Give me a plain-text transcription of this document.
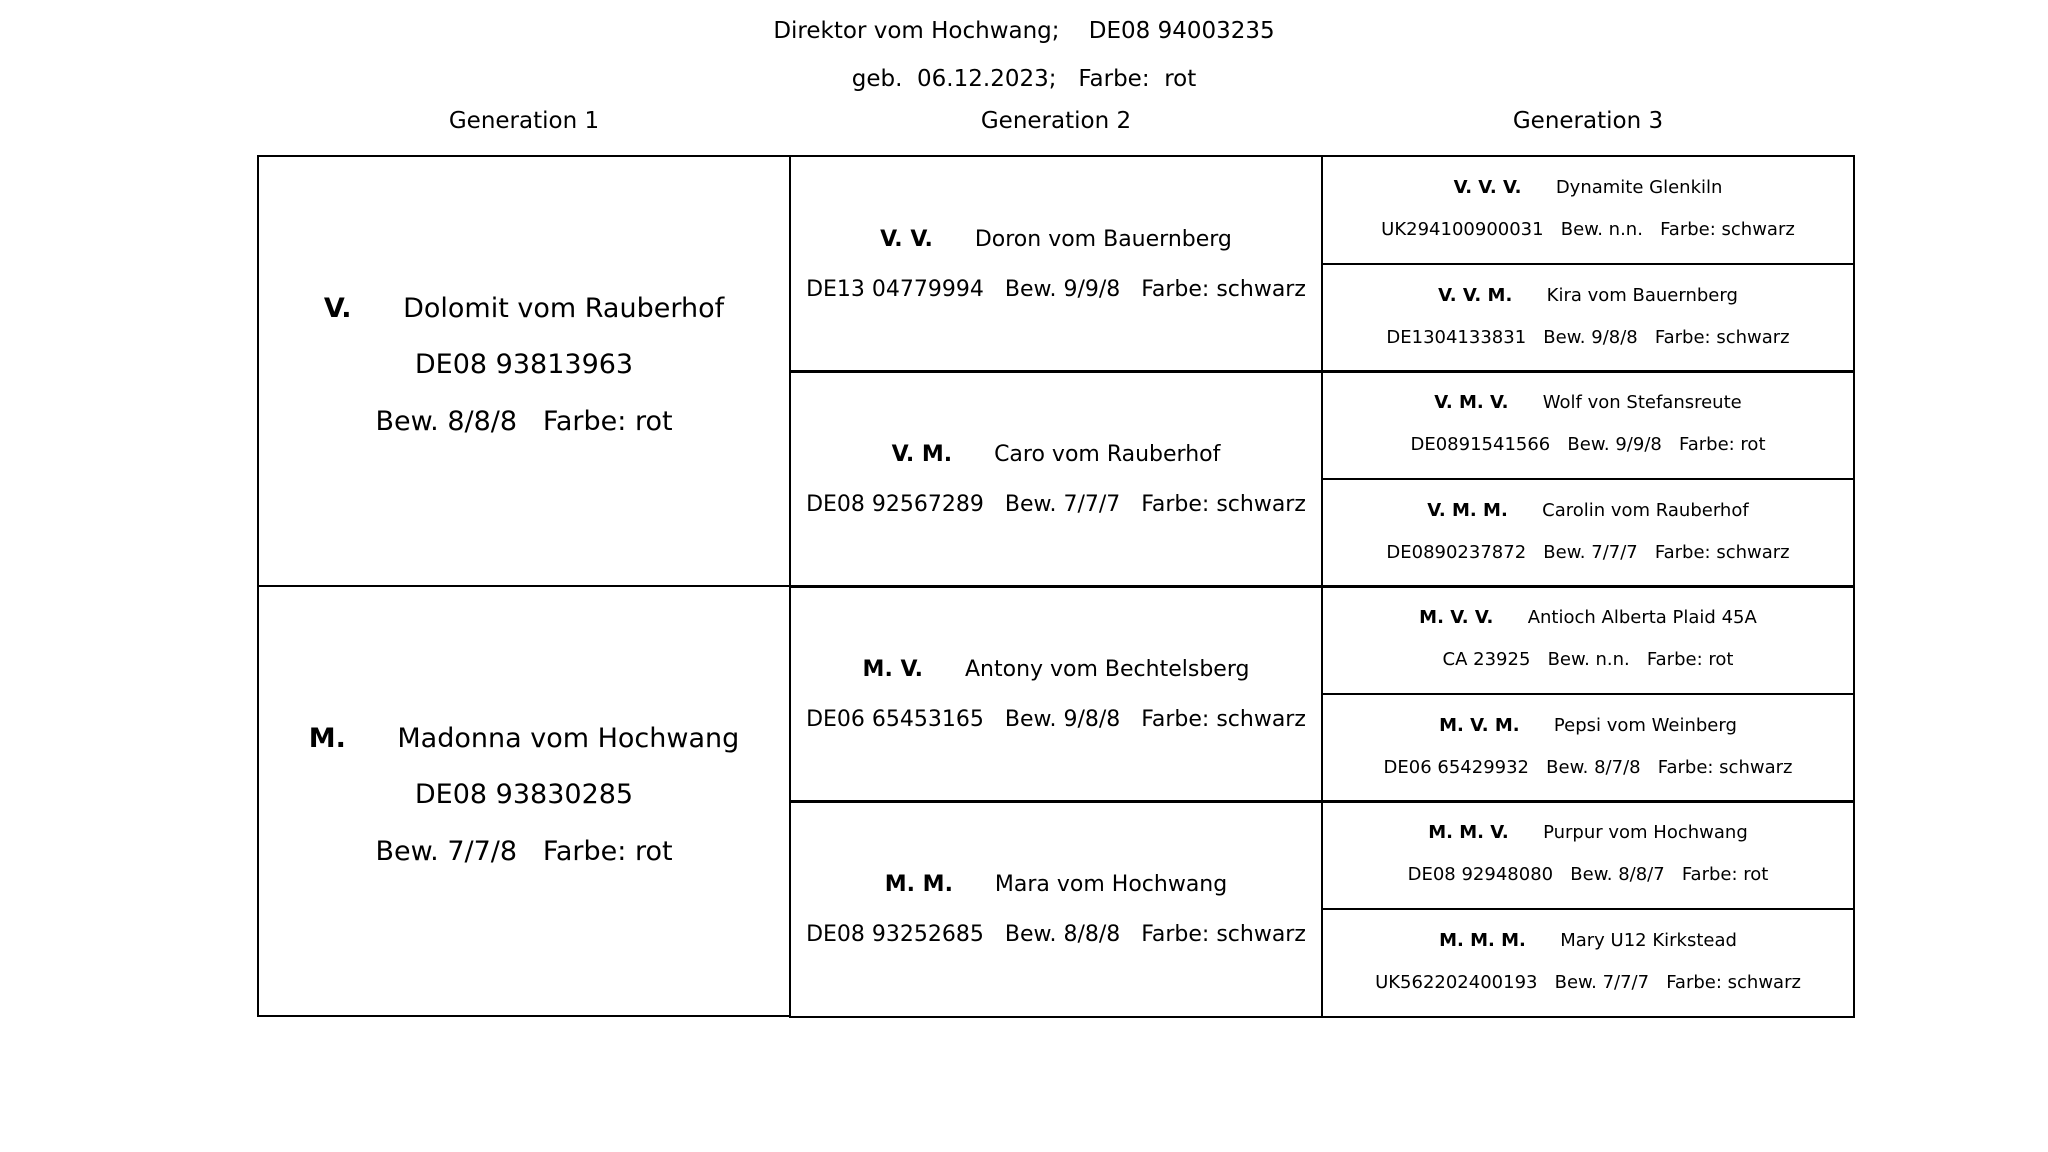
Direktor vom Hochwang;    DE08 94003235
geb.  06.12.2023;   Farbe:  rot
Generation 1	Generation 2	Generation 3
V. Dolomit vom Rauberhof
DE08 93813963
Bew. 8/8/8   Farbe: rot
M. Madonna vom Hochwang
DE08 93830285
Bew. 7/7/8   Farbe: rot
V. V. Doron vom Bauernberg
DE13 04779994   Bew. 9/9/8   Farbe: schwarz
V. M. Caro vom Rauberhof
DE08 92567289   Bew. 7/7/7   Farbe: schwarz
M. V. Antony vom Bechtelsberg
DE06 65453165   Bew. 9/8/8   Farbe: schwarz
M. M. Mara vom Hochwang
DE08 93252685   Bew. 8/8/8   Farbe: schwarz
V. V. V. Dynamite Glenkiln
UK294100900031   Bew. n.n.   Farbe: schwarz
V. V. M. Kira vom Bauernberg
DE1304133831   Bew. 9/8/8   Farbe: schwarz
V. M. V. Wolf von Stefansreute
DE0891541566   Bew. 9/9/8   Farbe: rot
V. M. M. Carolin vom Rauberhof
DE0890237872   Bew. 7/7/7   Farbe: schwarz
M. V. V. Antioch Alberta Plaid 45A
CA 23925   Bew. n.n.   Farbe: rot
M. V. M. Pepsi vom Weinberg
DE06 65429932   Bew. 8/7/8   Farbe: schwarz
M. M. V. Purpur vom Hochwang
DE08 92948080   Bew. 8/8/7   Farbe: rot
M. M. M. Mary U12 Kirkstead
UK562202400193   Bew. 7/7/7   Farbe: schwarz
